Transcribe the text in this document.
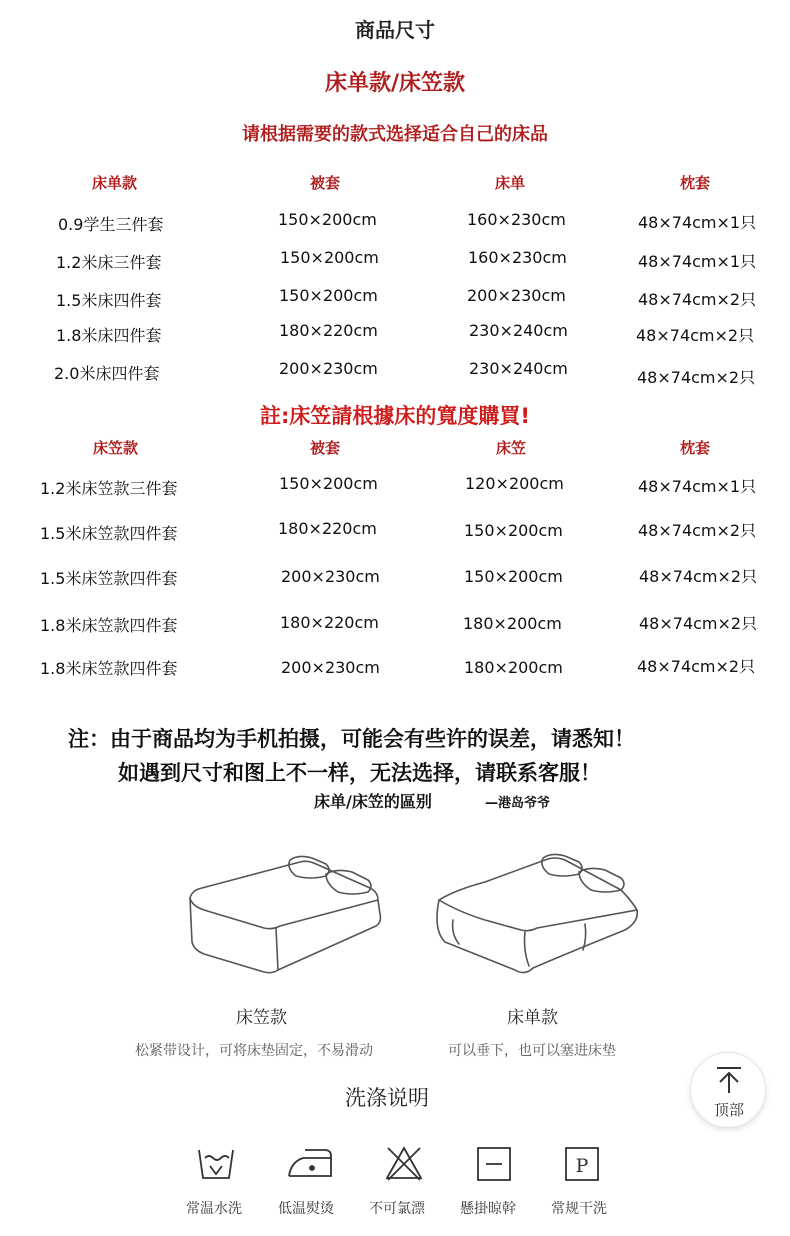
商品尺寸
床单款/床笠款
请根据需要的款式选择适合自己的床品
床单款	被套	床单	枕套
0.9学生三件套	150×200cm	160×230cm	48×74cm×1只
1.2米床三件套	150×200cm	160×230cm	48×74cm×1只
1.5米床四件套	150×200cm	200×230cm	48×74cm×2只
1.8米床四件套	180×220cm	230×240cm	48×74cm×2只
2.0米床四件套	200×230cm	230×240cm	48×74cm×2只
註:床笠請根據床的寬度購買!
床笠款	被套	床笠	枕套
1.2米床笠款三件套	150×200cm	120×200cm	48×74cm×1只
1.5米床笠款四件套	180×220cm	150×200cm	48×74cm×2只
1.5米床笠款四件套	200×230cm	150×200cm	48×74cm×2只
1.8米床笠款四件套	180×220cm	180×200cm	48×74cm×2只
1.8米床笠款四件套	200×230cm	180×200cm	48×74cm×2只
注：由于商品均为手机拍摄，可能会有些许的误差，请悉知！
如遇到尺寸和图上不一样，无法选择，请联系客服！
床单/床笠的區别	—港岛爷爷
床笠款	床单款
松紧带设计，可将床垫固定，不易滑动	可以垂下，也可以塞进床垫
洗涤说明
P
常温水洗	低温熨烫	不可氯漂	懸掛晾幹	常规干洗
顶部
